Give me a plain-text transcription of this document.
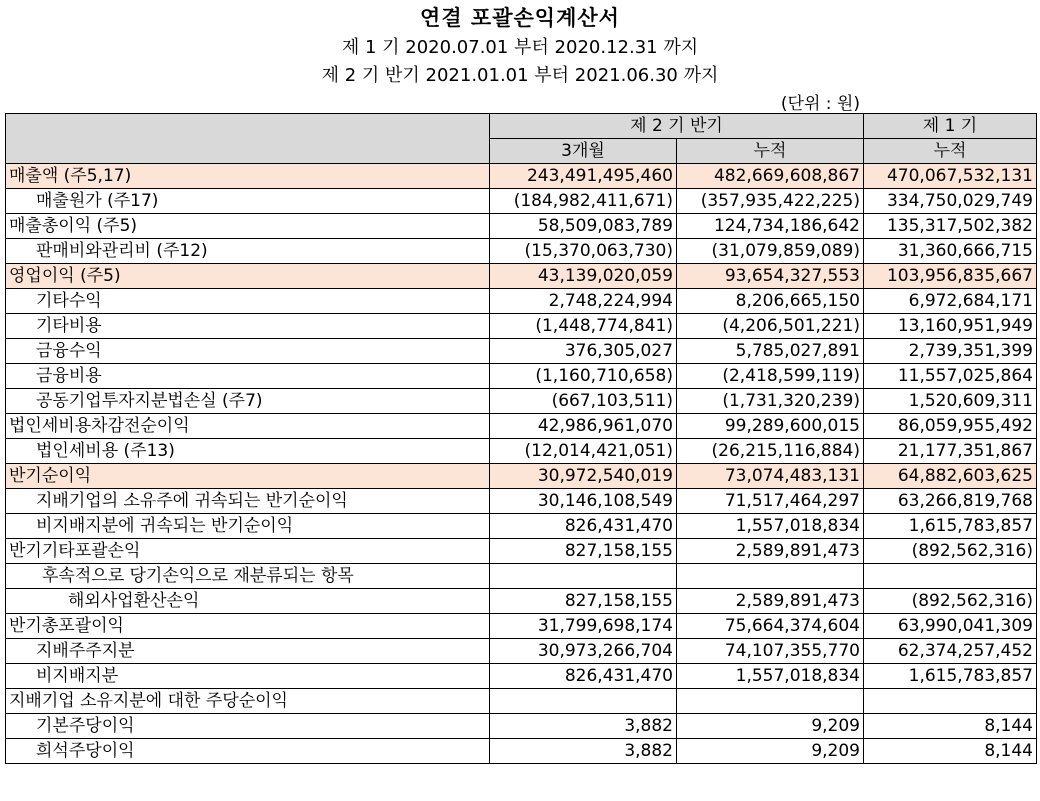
연결 포괄손익계산서
제 1 기 2020.07.01 부터 2020.12.31 까지
제 2 기 반기 2021.01.01 부터 2021.06.30 까지
(단위 : 원)
	제 2 기 반기		제 1 기
	3개월	누적	누적
매출액 (주5,17)	243,491,495,460	482,669,608,867	470,067,532,131
매출원가 (주17)	(184,982,411,671)	(357,935,422,225)	334,750,029,749
매출총이익 (주5)	58,509,083,789	124,734,186,642	135,317,502,382
판매비와관리비 (주12)	(15,370,063,730)	(31,079,859,089)	31,360,666,715
영업이익 (주5)	43,139,020,059	93,654,327,553	103,956,835,667
기타수익	2,748,224,994	8,206,665,150	6,972,684,171
기타비용	(1,448,774,841)	(4,206,501,221)	13,160,951,949
금융수익	376,305,027	5,785,027,891	2,739,351,399
금융비용	(1,160,710,658)	(2,418,599,119)	11,557,025,864
공동기업투자지분법손실 (주7)	(667,103,511)	(1,731,320,239)	1,520,609,311
법인세비용차감전순이익	42,986,961,070	99,289,600,015	86,059,955,492
법인세비용 (주13)	(12,014,421,051)	(26,215,116,884)	21,177,351,867
반기순이익	30,972,540,019	73,074,483,131	64,882,603,625
지배기업의 소유주에 귀속되는 반기순이익	30,146,108,549	71,517,464,297	63,266,819,768
비지배지분에 귀속되는 반기순이익	826,431,470	1,557,018,834	1,615,783,857
반기기타포괄손익	827,158,155	2,589,891,473	(892,562,316)
후속적으로 당기손익으로 재분류되는 항목			
해외사업환산손익	827,158,155	2,589,891,473	(892,562,316)
반기총포괄이익	31,799,698,174	75,664,374,604	63,990,041,309
지배주주지분	30,973,266,704	74,107,355,770	62,374,257,452
비지배지분	826,431,470	1,557,018,834	1,615,783,857
지배기업 소유지분에 대한 주당순이익			
기본주당이익	3,882	9,209	8,144
희석주당이익	3,882	9,209	8,144
